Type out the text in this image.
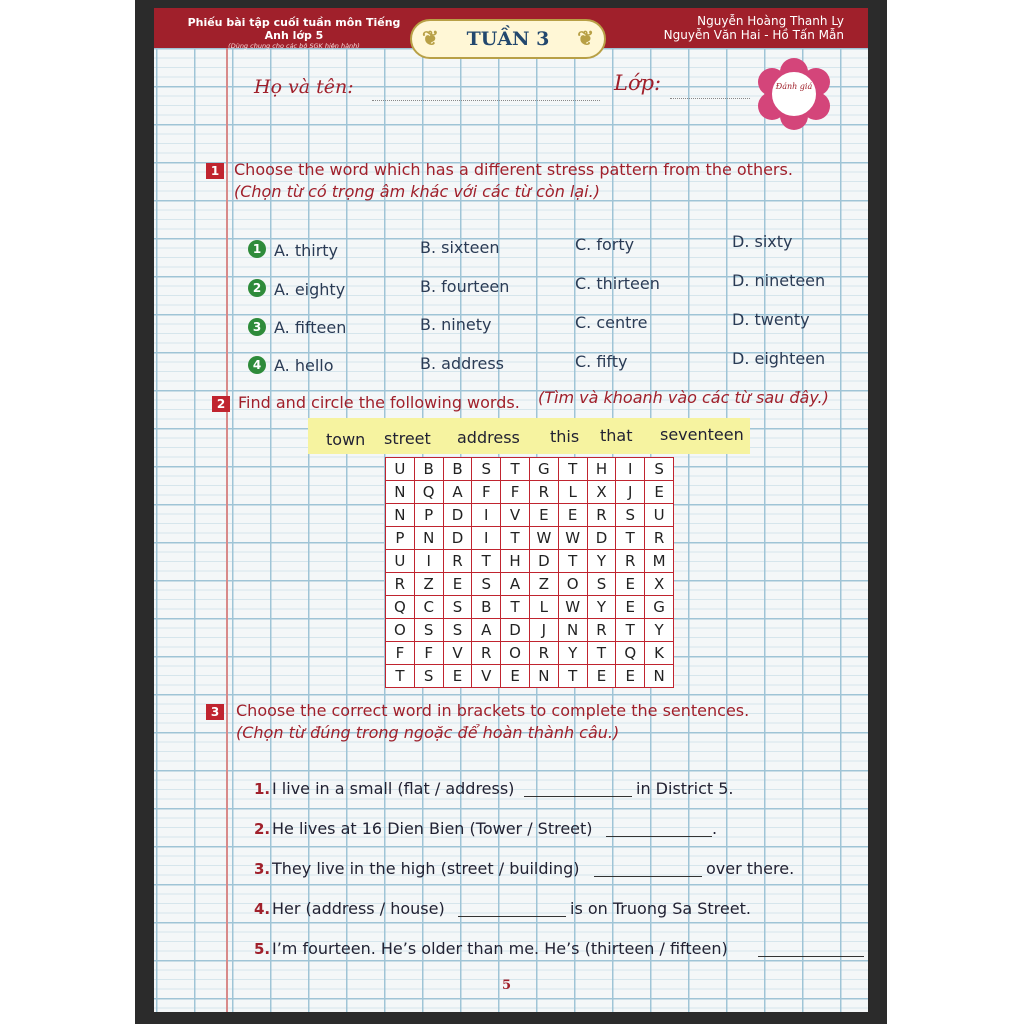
Phiếu bài tập cuối tuần môn Tiếng Anh lớp 5
(Dùng chung cho các bộ SGK hiện hành)
Nguyễn Hoàng Thanh Ly
Nguyễn Văn Hai - Hồ Tấn Mẫn
❦ TUẦN 3 ❦
Họ và tên:	Lớp:	Đánh giá
1 Choose the word which has a different stress pattern from the others.
(Chọn từ có trọng âm khác với các từ còn lại.)
1 A. thirty	B. sixteen	C. forty	D. sixty
2 A. eighty	B. fourteen	C. thirteen	D. nineteen
3 A. fifteen	B. ninety	C. centre	D. twenty
4 A. hello	B. address	C. fifty	D. eighteen
2 Find and circle the following words. (Tìm và khoanh vào các từ sau đây.)
town street address this that seventeen
U	B	B	S	T	G	T	H	I	S
N	Q	A	F	F	R	L	X	J	E
N	P	D	I	V	E	E	R	S	U
P	N	D	I	T	W	W	D	T	R
U	I	R	T	H	D	T	Y	R	M
R	Z	E	S	A	Z	O	S	E	X
Q	C	S	B	T	L	W	Y	E	G
O	S	S	A	D	J	N	R	T	Y
F	F	V	R	O	R	Y	T	Q	K
T	S	E	V	E	N	T	E	E	N
3	Choose the correct word in brackets to complete the sentences.
(Chọn từ đúng trong ngoặc để hoàn thành câu.)
1. I live in a small (flat / address)	in District 5.
2. He lives at 16 Dien Bien (Tower / Street)	.
3. They live in the high (street / building)	over there.
4. Her (address / house)	is on Truong Sa Street.
5. I’m fourteen. He’s older than me. He’s (thirteen / fifteen)
5
